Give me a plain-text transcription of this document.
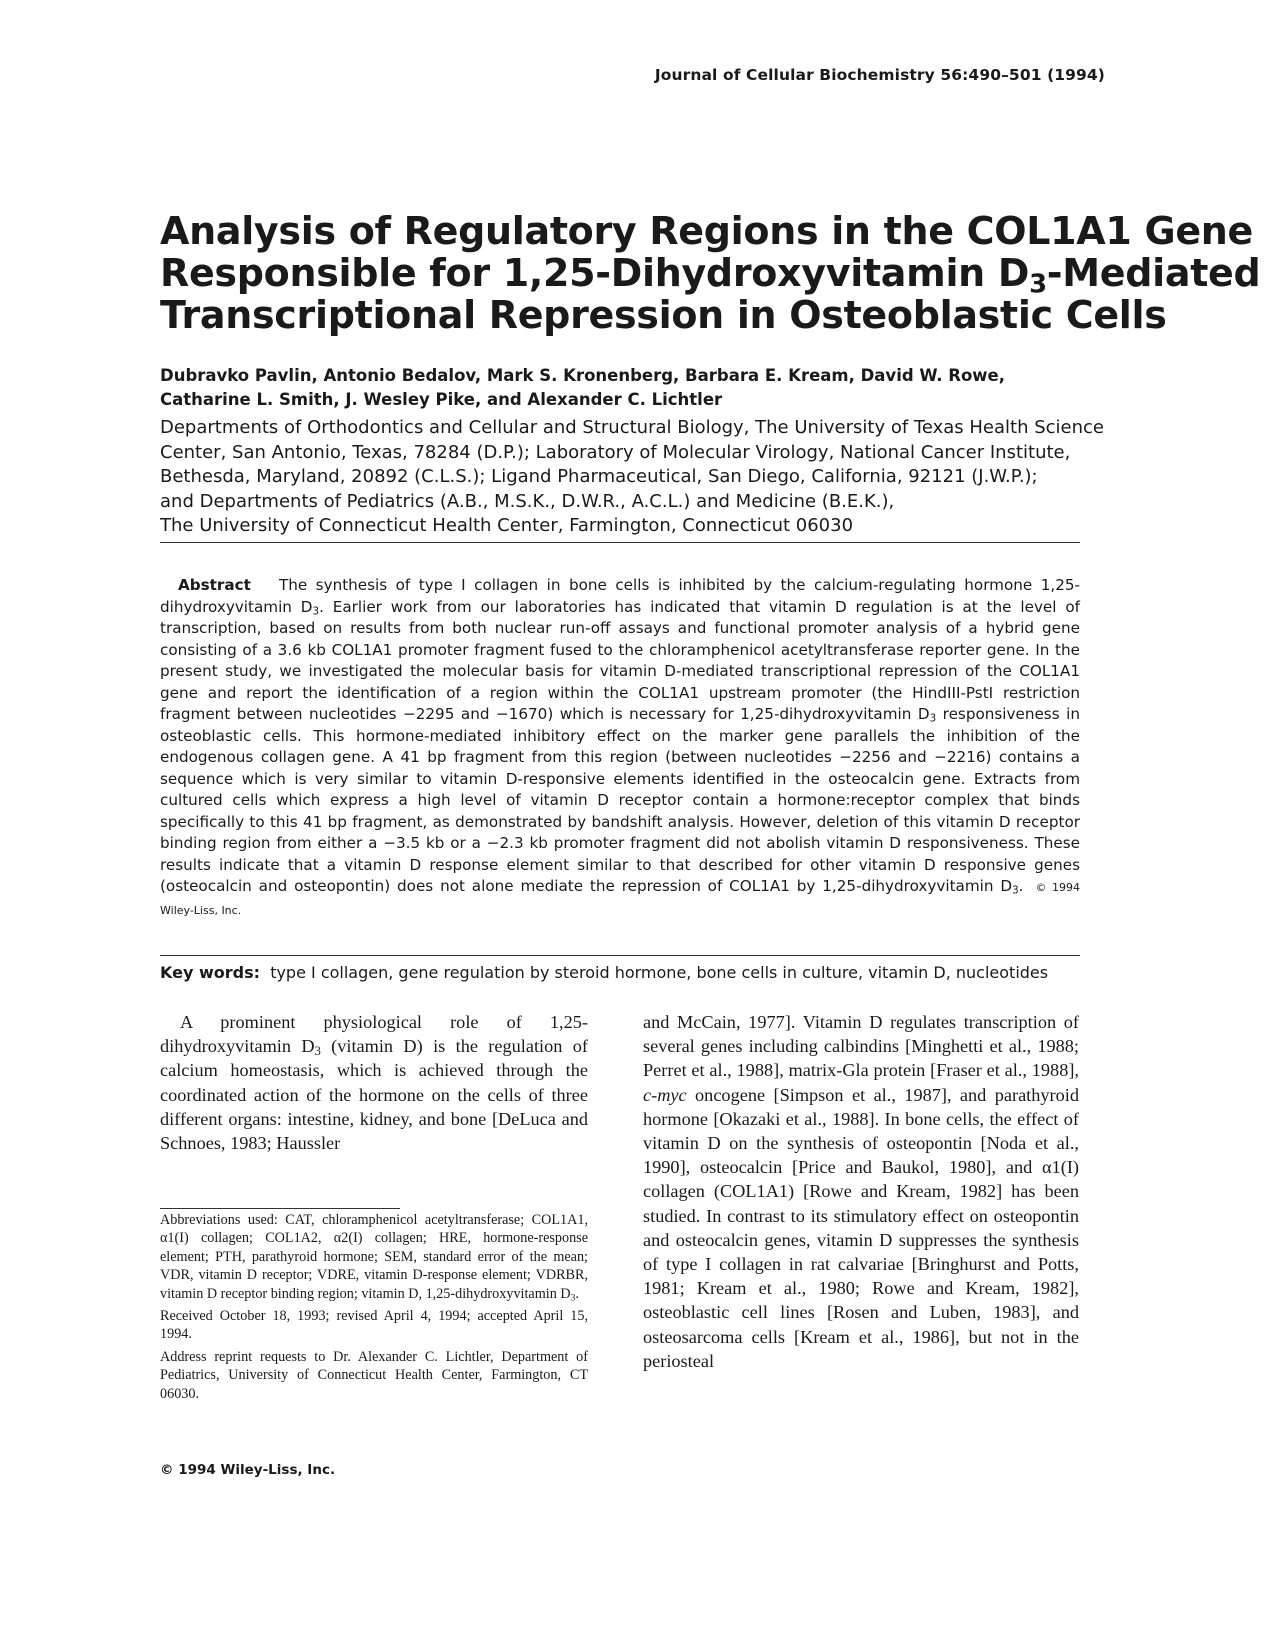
Journal of Cellular Biochemistry 56:490–501 (1994)
Analysis of Regulatory Regions in the COL1A1 Gene
Responsible for 1,25-Dihydroxyvitamin $D_3$-Mediated
Transcriptional Repression in Osteoblastic Cells
Dubravko Pavlin, Antonio Bedalov, Mark S. Kronenberg, Barbara E. Kream, David W. Rowe,
Catharine L. Smith, J. Wesley Pike, and Alexander C. Lichtler
Departments of Orthodontics and Cellular and Structural Biology, The University of Texas Health Science
Center, San Antonio, Texas, 78284 (D.P.); Laboratory of Molecular Virology, National Cancer Institute,
Bethesda, Maryland, 20892 (C.L.S.); Ligand Pharmaceutical, San Diego, California, 92121 (J.W.P.);
and Departments of Pediatrics (A.B., M.S.K., D.W.R., A.C.L.) and Medicine (B.E.K.),
The University of Connecticut Health Center, Farmington, Connecticut 06030
Abstract The synthesis of type I collagen in bone cells is inhibited by the calcium-regulating hormone 1,25-dihydroxyvitamin $D_3$. Earlier work from our laboratories has indicated that vitamin D regulation is at the level of transcription, based on results from both nuclear run-off assays and functional promoter analysis of a hybrid gene consisting of a 3.6 kb COL1A1 promoter fragment fused to the chloramphenicol acetyltransferase reporter gene. In the present study, we investigated the molecular basis for vitamin D-mediated transcriptional repression of the COL1A1 gene and report the identification of a region within the COL1A1 upstream promoter (the HindIII-PstI restriction fragment between nucleotides −2295 and −1670) which is necessary for 1,25-dihydroxyvitamin $D_3$ responsiveness in osteoblastic cells. This hormone-mediated inhibitory effect on the marker gene parallels the inhibition of the endogenous collagen gene. A 41 bp fragment from this region (between nucleotides −2256 and −2216) contains a sequence which is very similar to vitamin D-responsive elements identified in the osteocalcin gene. Extracts from cultured cells which express a high level of vitamin D receptor contain a hormone:receptor complex that binds specifically to this 41 bp fragment, as demonstrated by bandshift analysis. However, deletion of this vitamin D receptor binding region from either a −3.5 kb or a −2.3 kb promoter fragment did not abolish vitamin D responsiveness. These results indicate that a vitamin D response element similar to that described for other vitamin D responsive genes (osteocalcin and osteopontin) does not alone mediate the repression of COL1A1 by 1,25-dihydroxyvitamin $D_3$. © 1994 Wiley-Liss, Inc.
Key words: type I collagen, gene regulation by steroid hormone, bone cells in culture, vitamin D, nucleotides

A prominent physiological role of 1,25-dihydroxyvitamin $D_3$ (vitamin D) is the regulation of calcium homeostasis, which is achieved through the coordinated action of the hormone on the cells of three different organs: intestine, kidney, and bone [DeLuca and Schnoes, 1983; Haussler

and McCain, 1977]. Vitamin D regulates transcription of several genes including calbindins [Minghetti et al., 1988; Perret et al., 1988], matrix-Gla protein [Fraser et al., 1988], c-myc oncogene [Simpson et al., 1987], and parathyroid hormone [Okazaki et al., 1988]. In bone cells, the effect of vitamin D on the synthesis of osteopontin [Noda et al., 1990], osteocalcin [Price and Baukol, 1980], and α1(I) collagen (COL1A1) [Rowe and Kream, 1982] has been studied. In contrast to its stimulatory effect on osteopontin and osteocalcin genes, vitamin D suppresses the synthesis of type I collagen in rat calvariae [Bringhurst and Potts, 1981; Kream et al., 1980; Rowe and Kream, 1982], osteoblastic cell lines [Rosen and Luben, 1983], and osteosarcoma cells [Kream et al., 1986], but not in the periosteal

Abbreviations used: CAT, chloramphenicol acetyltransferase; COL1A1, α1(I) collagen; COL1A2, α2(I) collagen; HRE, hormone-response element; PTH, parathyroid hormone; SEM, standard error of the mean; VDR, vitamin D receptor; VDRE, vitamin D-response element; VDRBR, vitamin D receptor binding region; vitamin D, 1,25-dihydroxyvitamin $D_3$.

Received October 18, 1993; revised April 4, 1994; accepted April 15, 1994.

Address reprint requests to Dr. Alexander C. Lichtler, Department of Pediatrics, University of Connecticut Health Center, Farmington, CT 06030.

© 1994 Wiley-Liss, Inc.
